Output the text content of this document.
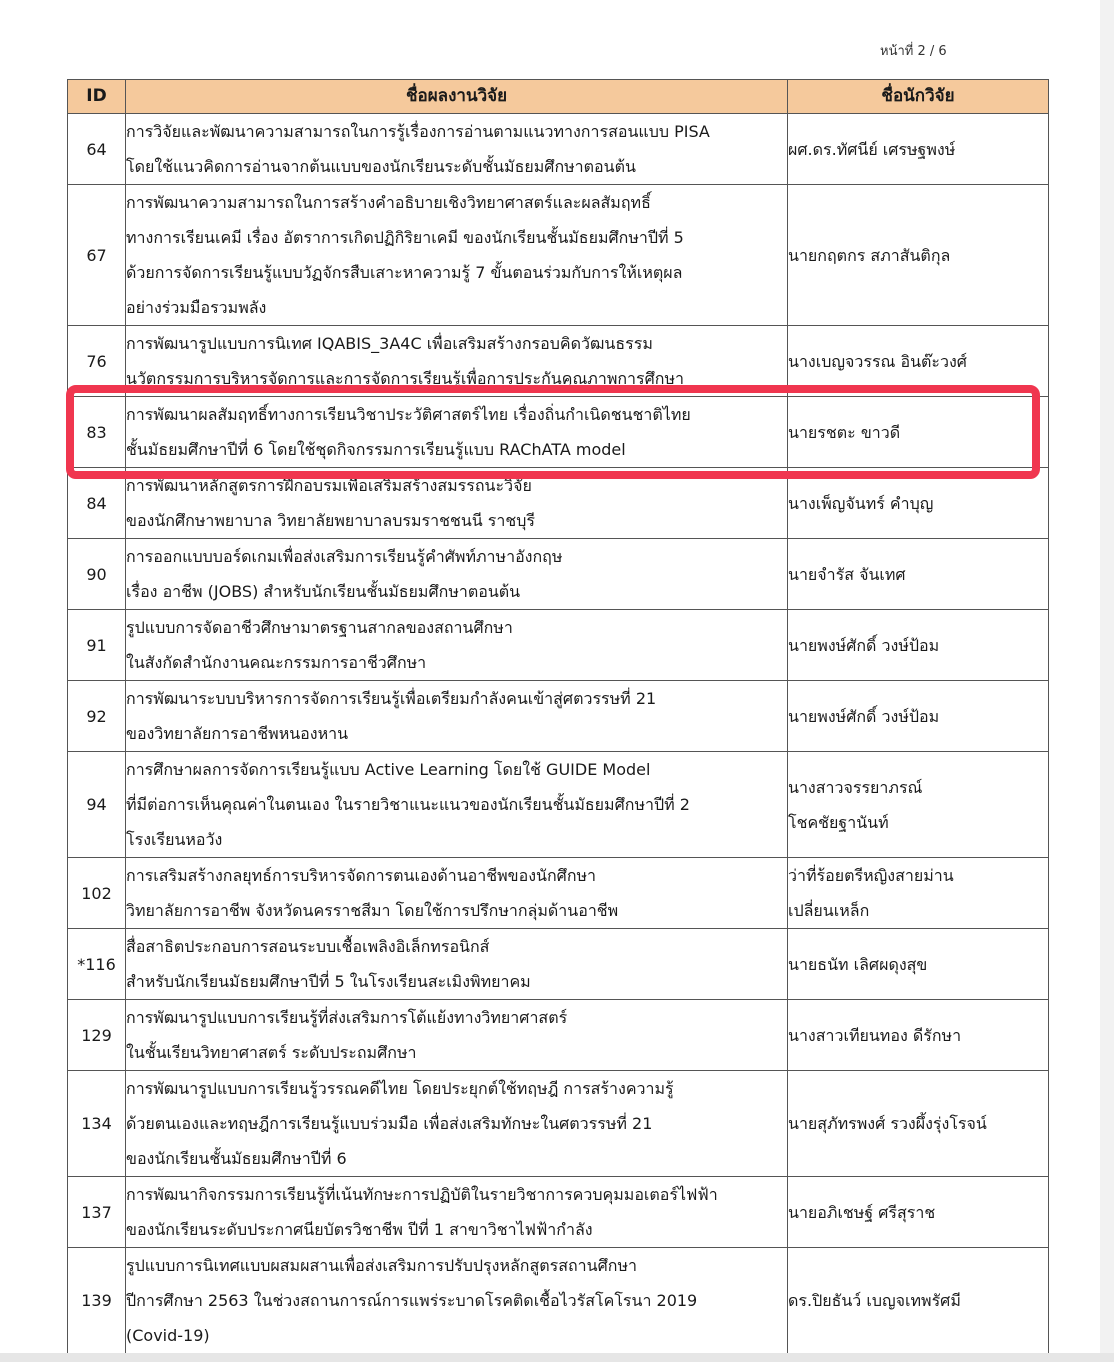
หน้าที่ 2 / 6
ID	ชื่อผลงานวิจัย	ชื่อนักวิจัย
64	การวิจัยและพัฒนาความสามารถในการรู้เรื่องการอ่านตามแนวทางการสอนแบบ PISA
โดยใช้แนวคิดการอ่านจากต้นแบบของนักเรียนระดับชั้นมัธยมศึกษาตอนต้น	ผศ.ดร.ทัศนีย์ เศรษฐพงษ์

67	การพัฒนาความสามารถในการสร้างคำอธิบายเชิงวิทยาศาสตร์และผลสัมฤทธิ์
ทางการเรียนเคมี เรื่อง อัตราการเกิดปฏิกิริยาเคมี ของนักเรียนชั้นมัธยมศึกษาปีที่ 5
ด้วยการจัดการเรียนรู้แบบวัฏจักรสืบเสาะหาความรู้ 7 ขั้นตอนร่วมกับการให้เหตุผล
อย่างร่วมมือรวมพลัง	นายกฤตกร สภาสันติกุล

76	การพัฒนารูปแบบการนิเทศ IQABIS_3A4C เพื่อเสริมสร้างกรอบคิดวัฒนธรรม
นวัตกรรมการบริหารจัดการและการจัดการเรียนรู้เพื่อการประกันคุณภาพการศึกษา	นางเบญจวรรณ อินต๊ะวงศ์

83	การพัฒนาผลสัมฤทธิ์ทางการเรียนวิชาประวัติศาสตร์ไทย เรื่องถิ่นกำเนิดชนชาติไทย
ชั้นมัธยมศึกษาปีที่ 6 โดยใช้ชุดกิจกรรมการเรียนรู้แบบ RAChATA model	นายรชตะ ขาวดี

84	การพัฒนาหลักสูตรการฝึกอบรมเพื่อเสริมสร้างสมรรถนะวิจัย
ของนักศึกษาพยาบาล วิทยาลัยพยาบาลบรมราชชนนี ราชบุรี	นางเพ็ญจันทร์ คำบุญ

90	การออกแบบบอร์ดเกมเพื่อส่งเสริมการเรียนรู้คำศัพท์ภาษาอังกฤษ
เรื่อง อาชีพ (JOBS) สำหรับนักเรียนชั้นมัธยมศึกษาตอนต้น	นายจำรัส จันเทศ

91	รูปแบบการจัดอาชีวศึกษามาตรฐานสากลของสถานศึกษา
ในสังกัดสำนักงานคณะกรรมการอาชีวศึกษา	นายพงษ์ศักดิ์ วงษ์ป้อม

92	การพัฒนาระบบบริหารการจัดการเรียนรู้เพื่อเตรียมกำลังคนเข้าสู่ศตวรรษที่ 21
ของวิทยาลัยการอาชีพหนองหาน	นายพงษ์ศักดิ์ วงษ์ป้อม

94	การศึกษาผลการจัดการเรียนรู้แบบ Active Learning โดยใช้ GUIDE Model
ที่มีต่อการเห็นคุณค่าในตนเอง ในรายวิชาแนะแนวของนักเรียนชั้นมัธยมศึกษาปีที่ 2
โรงเรียนหอวัง	นางสาวจรรยาภรณ์
โชคชัยฐานันท์

102	การเสริมสร้างกลยุทธ์การบริหารจัดการตนเองด้านอาชีพของนักศึกษา
วิทยาลัยการอาชีพ จังหวัดนครราชสีมา โดยใช้การปรึกษากลุ่มด้านอาชีพ	ว่าที่ร้อยตรีหญิงสายม่าน
เปลี่ยนเหล็ก

*116	สื่อสาธิตประกอบการสอนระบบเชื้อเพลิงอิเล็กทรอนิกส์
สำหรับนักเรียนมัธยมศึกษาปีที่ 5 ในโรงเรียนสะเมิงพิทยาคม	นายธนัท เลิศผดุงสุข

129	การพัฒนารูปแบบการเรียนรู้ที่ส่งเสริมการโต้แย้งทางวิทยาศาสตร์
ในชั้นเรียนวิทยาศาสตร์ ระดับประถมศึกษา	นางสาวเทียนทอง ดีรักษา

134	การพัฒนารูปแบบการเรียนรู้วรรณคดีไทย โดยประยุกต์ใช้ทฤษฎี การสร้างความรู้
ด้วยตนเองและทฤษฎีการเรียนรู้แบบร่วมมือ เพื่อส่งเสริมทักษะในศตวรรษที่ 21
ของนักเรียนชั้นมัธยมศึกษาปีที่ 6	นายสุภัทรพงศ์ รวงผึ้งรุ่งโรจน์

137	การพัฒนากิจกรรมการเรียนรู้ที่เน้นทักษะการปฏิบัติในรายวิชาการควบคุมมอเตอร์ไฟฟ้า
ของนักเรียนระดับประกาศนียบัตรวิชาชีพ ปีที่ 1 สาขาวิชาไฟฟ้ากำลัง	นายอภิเชษฐ์ ศรีสุราช

139	รูปแบบการนิเทศแบบผสมผสานเพื่อส่งเสริมการปรับปรุงหลักสูตรสถานศึกษา
ปีการศึกษา 2563 ในช่วงสถานการณ์การแพร่ระบาดโรคติดเชื้อไวรัสโคโรนา 2019
(Covid-19)	ดร.ปิยธันว์ เบญจเทพรัศมี
